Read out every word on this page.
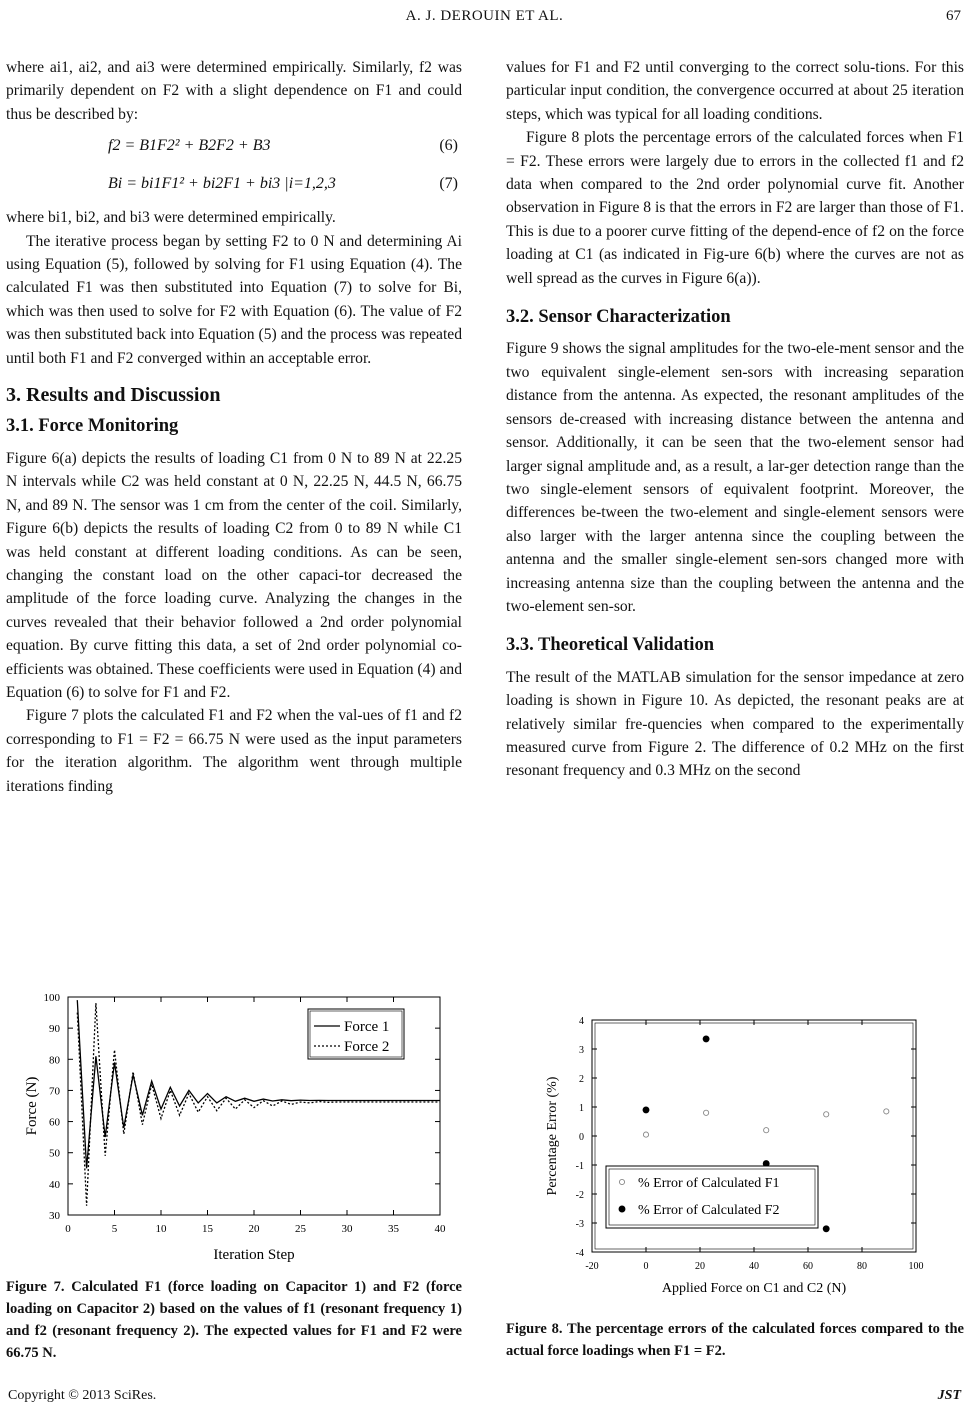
A. J. DEROUIN ET AL.	67

where ai1, ai2, and ai3 were determined empirically. Similarly, f2 was primarily dependent on F2 with a slight dependence on F1 and could thus be described by:

f2 = B1F2² + B2F2 + B3	(6)
Bi = bi1F1² + bi2F1 + bi3 |i=1,2,3	(7)

where bi1, bi2, and bi3 were determined empirically.

The iterative process began by setting F2 to 0 N and determining Ai using Equation (5), followed by solving for F1 using Equation (4). The calculated F1 was then substituted into Equation (7) to solve for Bi, which was then used to solve for F2 with Equation (6). The value of F2 was then substituted back into Equation (5) and the process was repeated until both F1 and F2 converged within an acceptable error.

3. Results and Discussion
3.1. Force Monitoring

Figure 6(a) depicts the results of loading C1 from 0 N to 89 N at 22.25 N intervals while C2 was held constant at 0 N, 22.25 N, 44.5 N, 66.75 N, and 89 N. The sensor was 1 cm from the center of the coil. Similarly, Figure 6(b) depicts the results of loading C2 from 0 to 89 N while C1 was held constant at different loading conditions. As can be seen, changing the constant load on the other capaci-tor decreased the amplitude of the force loading curve. Analyzing the changes in the curves revealed that their behavior followed a 2nd order polynomial equation. By curve fitting this data, a set of 2nd order polynomial co-efficients was obtained. These coefficients were used in Equation (4) and Equation (6) to solve for F1 and F2.

Figure 7 plots the calculated F1 and F2 when the val-ues of f1 and f2 corresponding to F1 = F2 = 66.75 N were used as the input parameters for the iteration algorithm. The algorithm went through multiple iterations finding

0	5	10	15	20	25	30	35	40
30
40
50
60
70
80
90
100
Iteration Step
Force (N)
Force 1
Force 2
Figure 7. Calculated F1 (force loading on Capacitor 1) and F2 (force loading on Capacitor 2) based on the values of f1 (resonant frequency 1) and f2 (resonant frequency 2). The expected values for F1 and F2 were 66.75 N.

values for F1 and F2 until converging to the correct solu-tions. For this particular input condition, the convergence occurred at about 25 iteration steps, which was typical for all loading conditions.

Figure 8 plots the percentage errors of the calculated forces when F1 = F2. These errors were largely due to errors in the collected f1 and f2 data when compared to the 2nd order polynomial curve fit. Another observation in Figure 8 is that the errors in F2 are larger than those of F1. This is due to a poorer curve fitting of the depend-ence of f2 on the force loading at C1 (as indicated in Fig-ure 6(b) where the curves are not as well spread as the curves in Figure 6(a)).

3.2. Sensor Characterization

Figure 9 shows the signal amplitudes for the two-ele-ment sensor and the two equivalent single-element sen-sors with increasing separation distance from the antenna. As expected, the resonant amplitudes of the sensors de-creased with increasing distance between the antenna and sensor. Additionally, it can be seen that the two-element sensor had larger signal amplitude and, as a result, a lar-ger detection range than the two single-element sensors of equivalent footprint. Moreover, the differences be-tween the two-element and single-element sensors were also larger with the larger antenna since the coupling between the antenna and the smaller single-element sen-sors changed more with increasing antenna size than the coupling between the antenna and the two-element sen-sor.

3.3. Theoretical Validation

The result of the MATLAB simulation for the sensor impedance at zero loading is shown in Figure 10. As depicted, the resonant peaks are at relatively similar fre-quencies when compared to the experimentally measured curve from Figure 2. The difference of 0.2 MHz on the first resonant frequency and 0.3 MHz on the second

-20	0	20	40	60	80	100
-4
-3
-2
-1
0
1
2
3
4
Applied Force on C1 and C2 (N)
Percentage Error (%)	% Error of Calculated F1
% Error of Calculated F2
Figure 8. The percentage errors of the calculated forces compared to the actual force loadings when F1 = F2.
Copyright © 2013 SciRes.	JST
